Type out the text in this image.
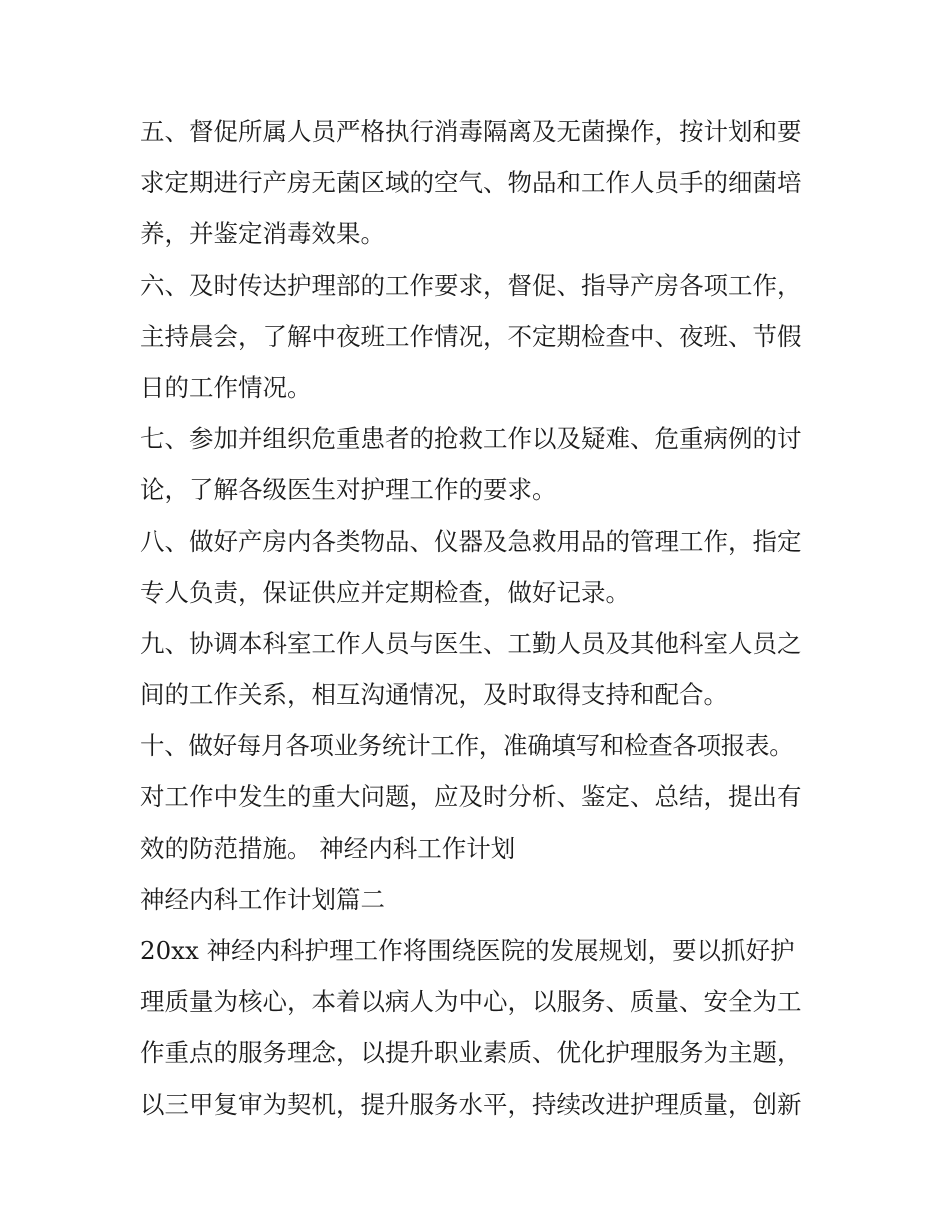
五、督促所属人员严格执行消毒隔离及无菌操作，按计划和要
求定期进行产房无菌区域的空气、物品和工作人员手的细菌培
养，并鉴定消毒效果。
六、及时传达护理部的工作要求，督促、指导产房各项工作，
主持晨会，了解中夜班工作情况，不定期检查中、夜班、节假
日的工作情况。
七、参加并组织危重患者的抢救工作以及疑难、危重病例的讨
论，了解各级医生对护理工作的要求。
八、做好产房内各类物品、仪器及急救用品的管理工作，指定
专人负责，保证供应并定期检查，做好记录。
九、协调本科室工作人员与医生、工勤人员及其他科室人员之
间的工作关系，相互沟通情况，及时取得支持和配合。
十、做好每月各项业务统计工作，准确填写和检查各项报表。
对工作中发生的重大问题，应及时分析、鉴定、总结，提出有
效的防范措施。 神经内科工作计划
神经内科工作计划篇二
20xx 神经内科护理工作将围绕医院的发展规划，要以抓好护
理质量为核心，本着以病人为中心，以服务、质量、安全为工
作重点的服务理念，以提升职业素质、优化护理服务为主题，
以三甲复审为契机，提升服务水平，持续改进护理质量，创新
